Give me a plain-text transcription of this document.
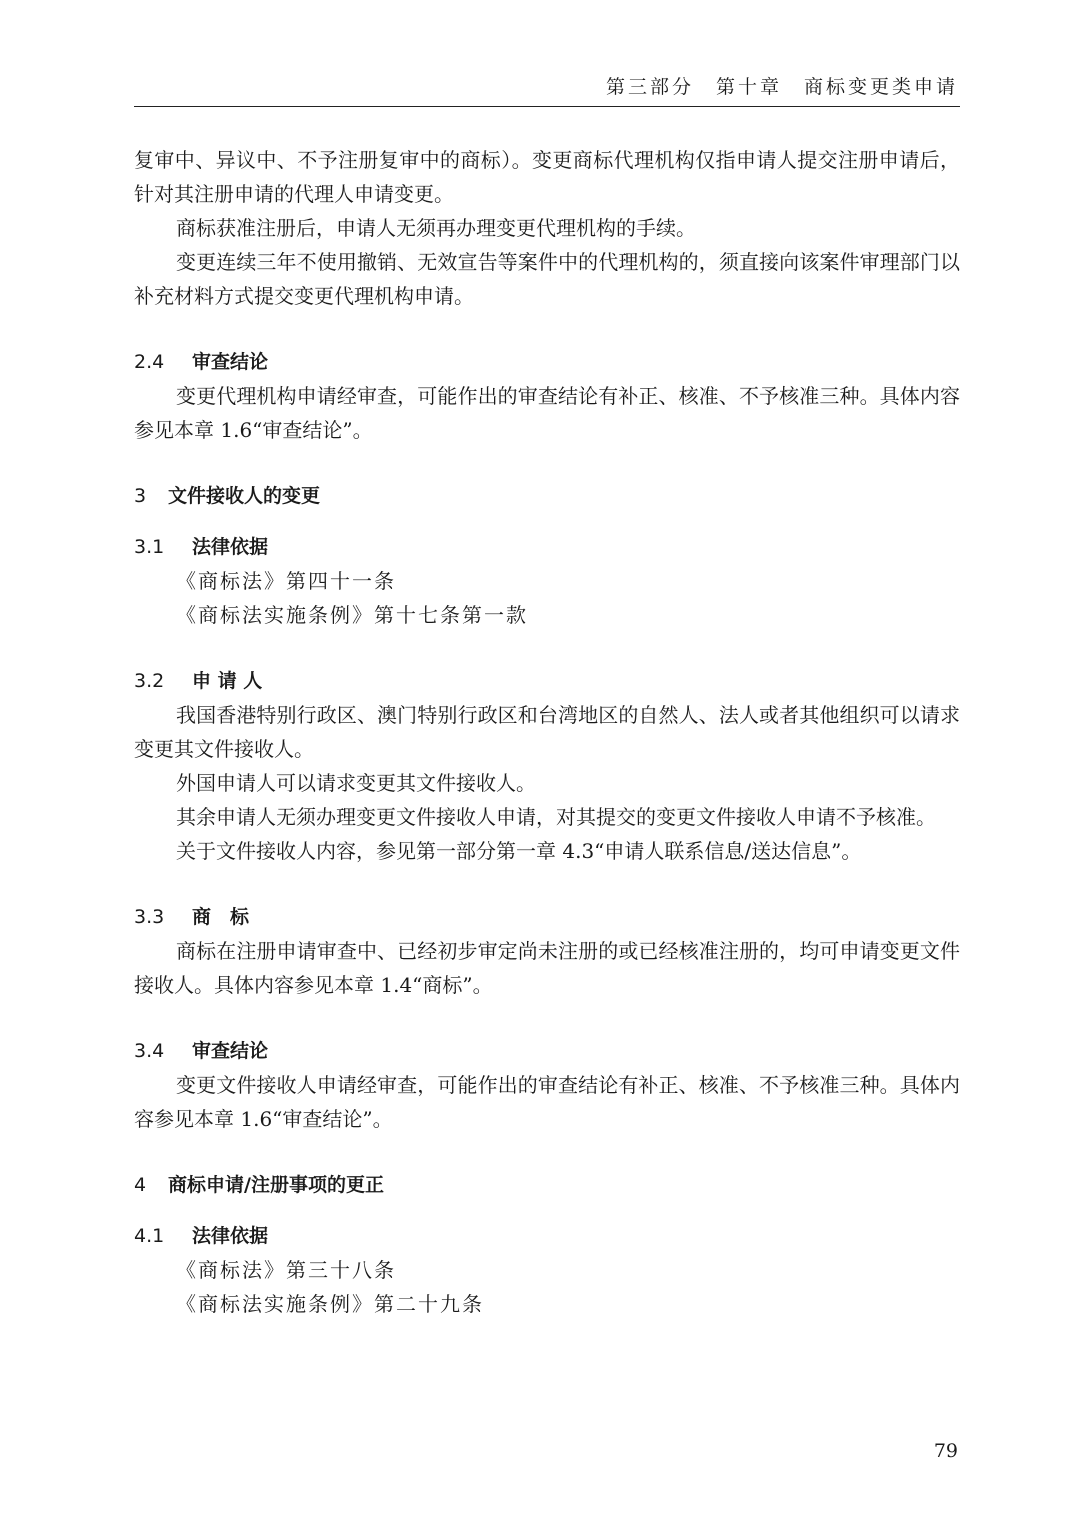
第三部分　第十章　商标变更类申请

复审中、异议中、不予注册复审中的商标）。变更商标代理机构仅指申请人提交注册申请后，针对其注册申请的代理人申请变更。

商标获准注册后，申请人无须再办理变更代理机构的手续。

变更连续三年不使用撤销、无效宣告等案件中的代理机构的，须直接向该案件审理部门以补充材料方式提交变更代理机构申请。

2.4 审查结论

变更代理机构申请经审查，可能作出的审查结论有补正、核准、不予核准三种。具体内容参见本章 1.6“审查结论”。

3 文件接收人的变更

3.1 法律依据

《商标法》第四十一条

《商标法实施条例》第十七条第一款

3.2 申 请 人

我国香港特别行政区、澳门特别行政区和台湾地区的自然人、法人或者其他组织可以请求变更其文件接收人。

外国申请人可以请求变更其文件接收人。

其余申请人无须办理变更文件接收人申请，对其提交的变更文件接收人申请不予核准。

关于文件接收人内容，参见第一部分第一章 4.3“申请人联系信息/送达信息”。

3.3 商　标

商标在注册申请审查中、已经初步审定尚未注册的或已经核准注册的，均可申请变更文件接收人。具体内容参见本章 1.4“商标”。

3.4 审查结论

变更文件接收人申请经审查，可能作出的审查结论有补正、核准、不予核准三种。具体内容参见本章 1.6“审查结论”。

4 商标申请/注册事项的更正

4.1 法律依据

《商标法》第三十八条

《商标法实施条例》第二十九条

79
